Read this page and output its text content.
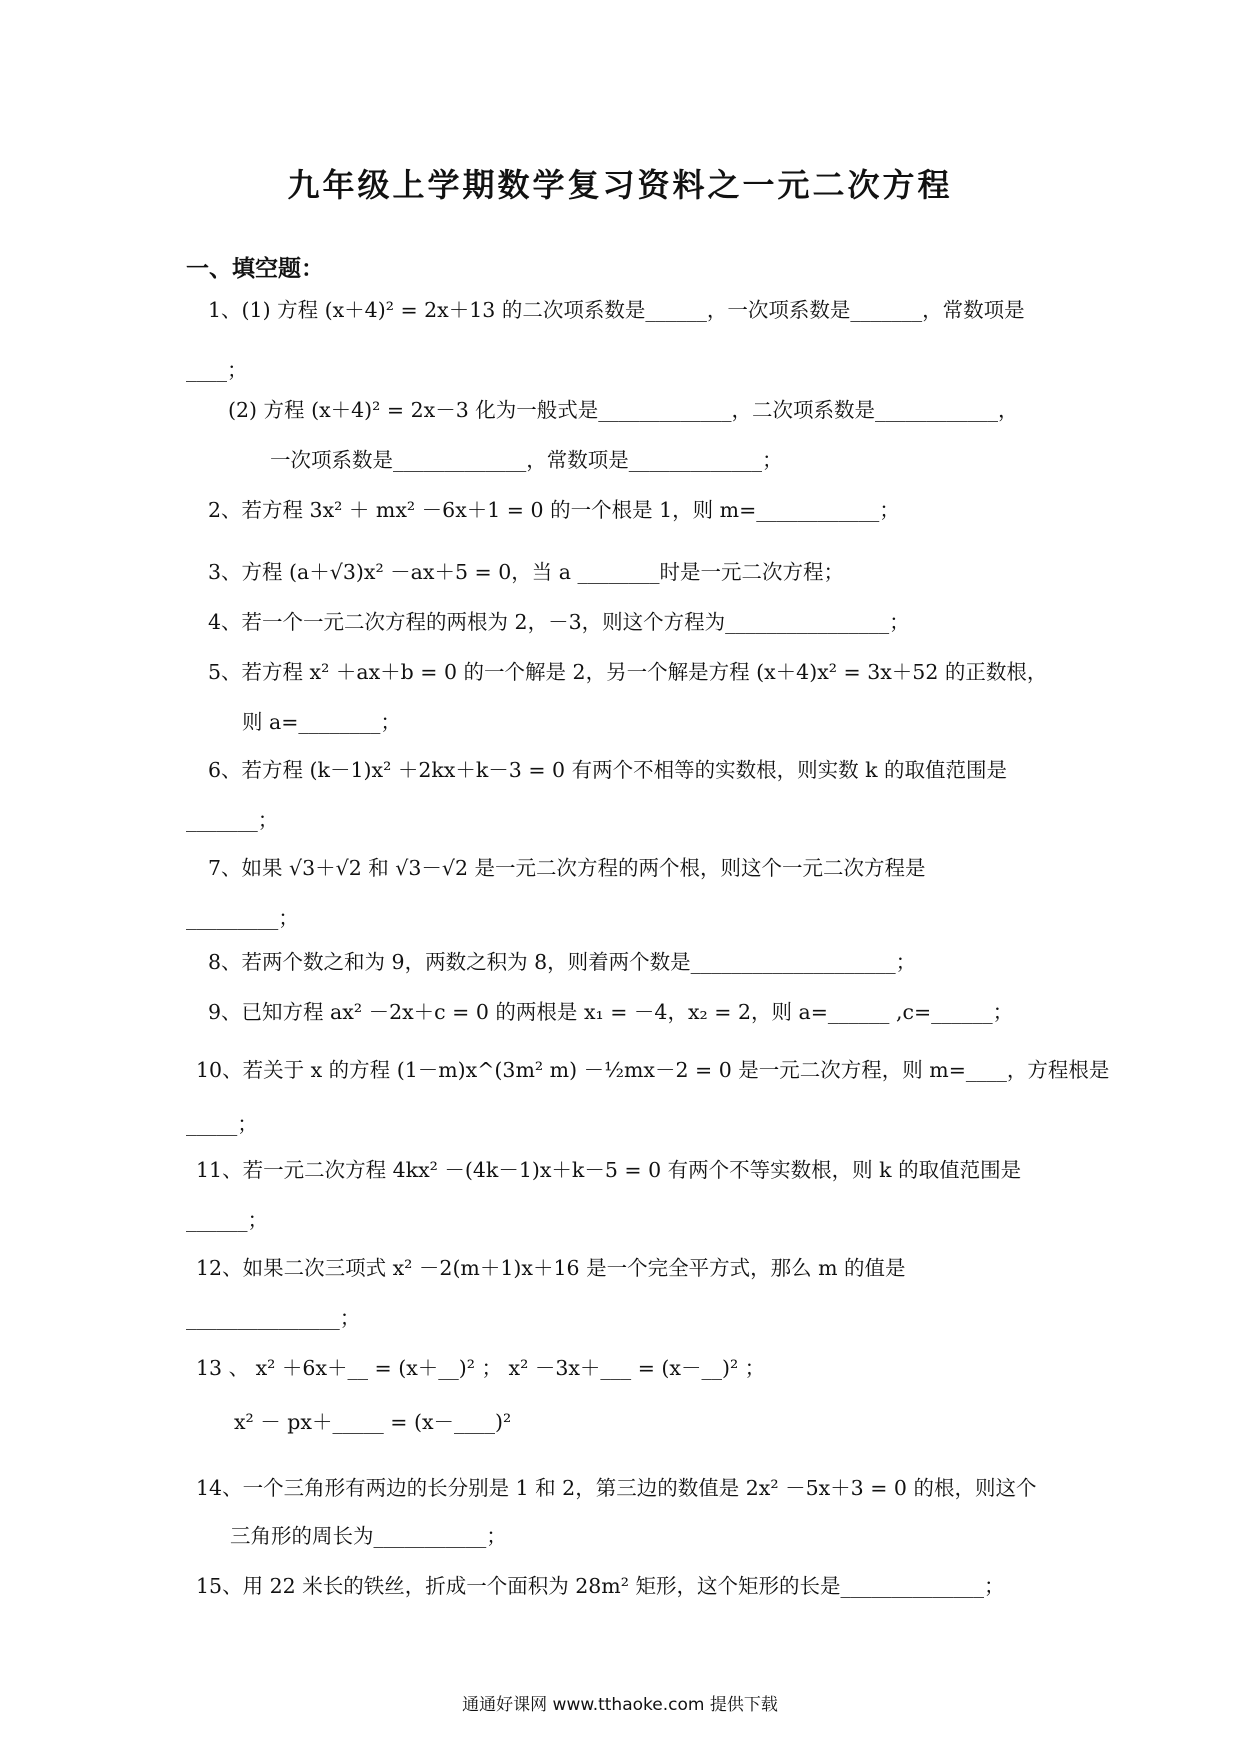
九年级上学期数学复习资料之一元二次方程
一、填空题：
1、(1) 方程 (x＋4)² = 2x＋13 的二次项系数是______，一次项系数是_______，常数项是
____；
(2) 方程 (x＋4)² = 2x－3 化为一般式是_____________，二次项系数是____________，
一次项系数是_____________，常数项是_____________；
2、若方程 3x² ＋ mx² －6x＋1 = 0 的一个根是 1，则 m=____________；
3、方程 (a＋√3)x² －ax＋5 = 0，当 a ________时是一元二次方程；
4、若一个一元二次方程的两根为 2，－3，则这个方程为________________；
5、若方程 x² ＋ax＋b = 0 的一个解是 2，另一个解是方程 (x＋4)x² = 3x＋52 的正数根，
则 a=________；
6、若方程 (k－1)x² ＋2kx＋k－3 = 0 有两个不相等的实数根，则实数 k 的取值范围是
_______；
7、如果 √3＋√2 和 √3－√2 是一元二次方程的两个根，则这个一元二次方程是
_________；
8、若两个数之和为 9，两数之积为 8，则着两个数是____________________；
9、已知方程 ax² －2x＋c = 0 的两根是 x₁ = －4，x₂ = 2，则 a=______ ,c=______；
10、若关于 x 的方程 (1－m)x^(3m² m) －½mx－2 = 0 是一元二次方程，则 m=____，方程根是
_____；
11、若一元二次方程 4kx² －(4k－1)x＋k－5 = 0 有两个不等实数根，则 k 的取值范围是
______；
12、如果二次三项式 x² －2(m＋1)x＋16 是一个完全平方式，那么 m 的值是
_______________；
13 、 x² ＋6x＋__ = (x＋__)² ； x² －3x＋___ = (x－__)² ；
x² － px＋_____ = (x－____)²
14、一个三角形有两边的长分别是 1 和 2，第三边的数值是 2x² －5x＋3 = 0 的根，则这个
三角形的周长为___________；
15、用 22 米长的铁丝，折成一个面积为 28m² 矩形，这个矩形的长是______________；
通通好课网 www.tthaoke.com 提供下载
